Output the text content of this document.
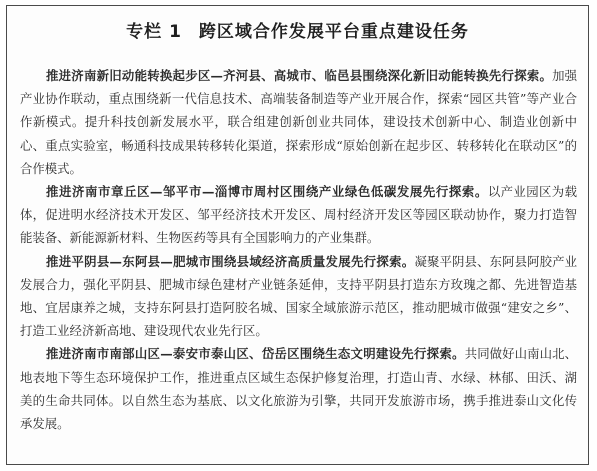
专栏 1 跨区域合作发展平台重点建设任务

推进济南新旧动能转换起步区—齐河县、高城市、临邑县围绕深化新旧动能转换先行探索。加强产业协作联动，重点围绕新一代信息技术、高端装备制造等产业开展合作，探索“园区共管”等产业合作新模式。提升科技创新发展水平，联合组建创新创业共同体，建设技术创新中心、制造业创新中心、重点实验室，畅通科技成果转移转化渠道，探索形成“原始创新在起步区、转移转化在联动区”的合作模式。

推进济南市章丘区—邹平市—淄博市周村区围绕产业绿色低碳发展先行探索。以产业园区为载体，促进明水经济技术开发区、邹平经济技术开发区、周村经济开发区等园区联动协作，聚力打造智能装备、新能源新材料、生物医药等具有全国影响力的产业集群。

推进平阴县—东阿县—肥城市围绕县域经济高质量发展先行探索。凝聚平阴县、东阿县阿胶产业发展合力，强化平阴县、肥城市绿色建材产业链条延伸，支持平阴县打造东方玫瑰之都、先进智造基地、宜居康养之城，支持东阿县打造阿胶名城、国家全域旅游示范区，推动肥城市做强“建安之乡”、打造工业经济新高地、建设现代农业先行区。

推进济南市南部山区—泰安市泰山区、岱岳区围绕生态文明建设先行探索。共同做好山南山北、地表地下等生态环境保护工作，推进重点区域生态保护修复治理，打造山青、水绿、林郁、田沃、湖美的生命共同体。以自然生态为基底、以文化旅游为引擎，共同开发旅游市场，携手推进泰山文化传承发展。
